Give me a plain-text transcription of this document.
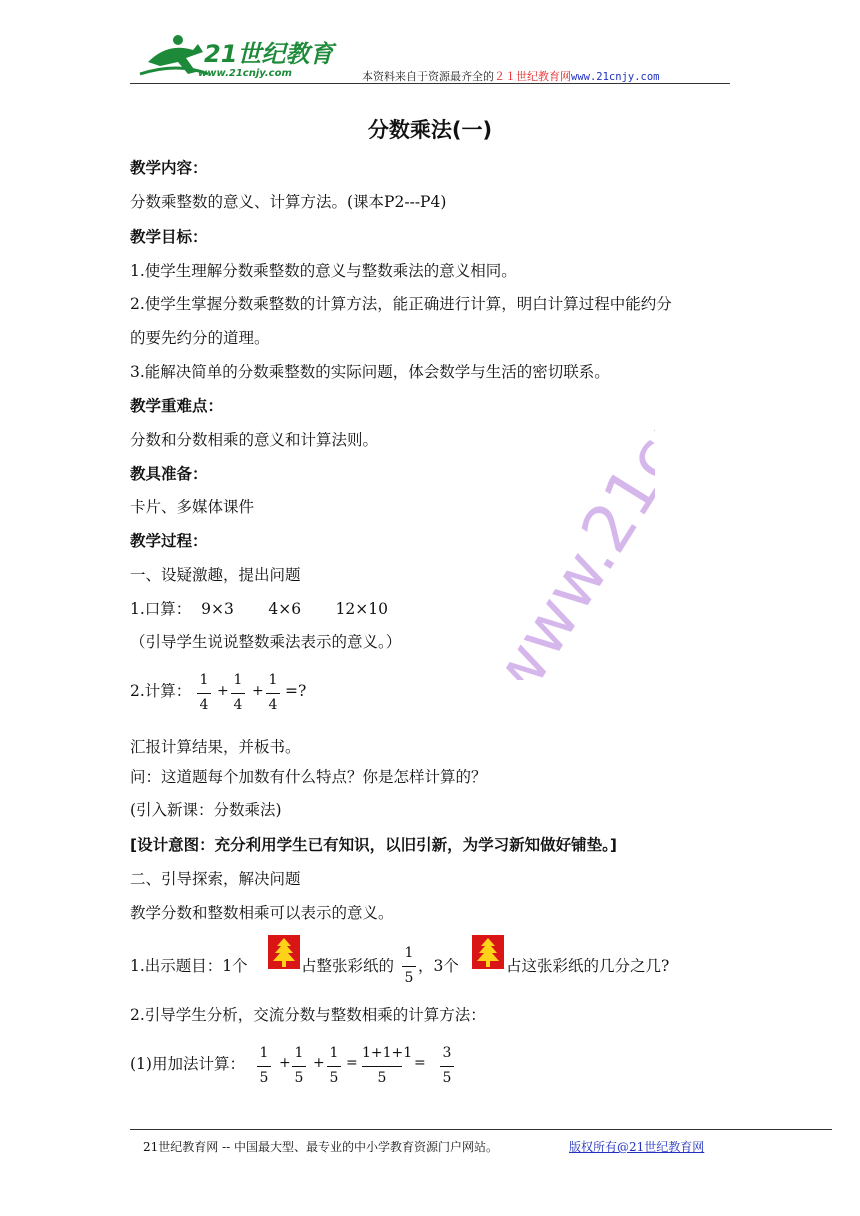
21世纪教育
www.21cnjy.com	本资料来自于资源最齐全的２１世纪教育网www.21cnjy.com
www.21cnjy.com
分数乘法(一)
教学内容：
分数乘整数的意义、计算方法。(课本P2---P4)
教学目标：
1.使学生理解分数乘整数的意义与整数乘法的意义相同。
2.使学生掌握分数乘整数的计算方法，能正确进行计算，明白计算过程中能约分
的要先约分的道理。
3.能解决简单的分数乘整数的实际问题，体会数学与生活的密切联系。
教学重难点：
分数和分数相乘的意义和计算法则。
教具准备：
卡片、多媒体课件
教学过程：
一、设疑激趣，提出问题
1.口算：  9×3       4×6       12×10
（引导学生说说整数乘法表示的意义。）
2.计算： $\frac{1}{4} + \frac{1}{4} + \frac{1}{4}$ =?
汇报计算结果，并板书。
问：这道题每个加数有什么特点？你是怎样计算的？
(引入新课：分数乘法)
[设计意图：充分利用学生已有知识，以旧引新，为学习新知做好铺垫。]
二、引导探索，解决问题
教学分数和整数相乘可以表示的意义。
1.出示题目：1个	占整张彩纸的 $\frac{1}{5}$ ，3个	占这张彩纸的几分之几?
2.引导学生分析，交流分数与整数相乘的计算方法：
(1)用加法计算： $\frac{1}{5} + \frac{1}{5} + \frac{1}{5} = \frac{1+1+1}{5} = \frac{3}{5}$
21世纪教育网 -- 中国最大型、最专业的中小学教育资源门户网站。	版权所有@21世纪教育网
